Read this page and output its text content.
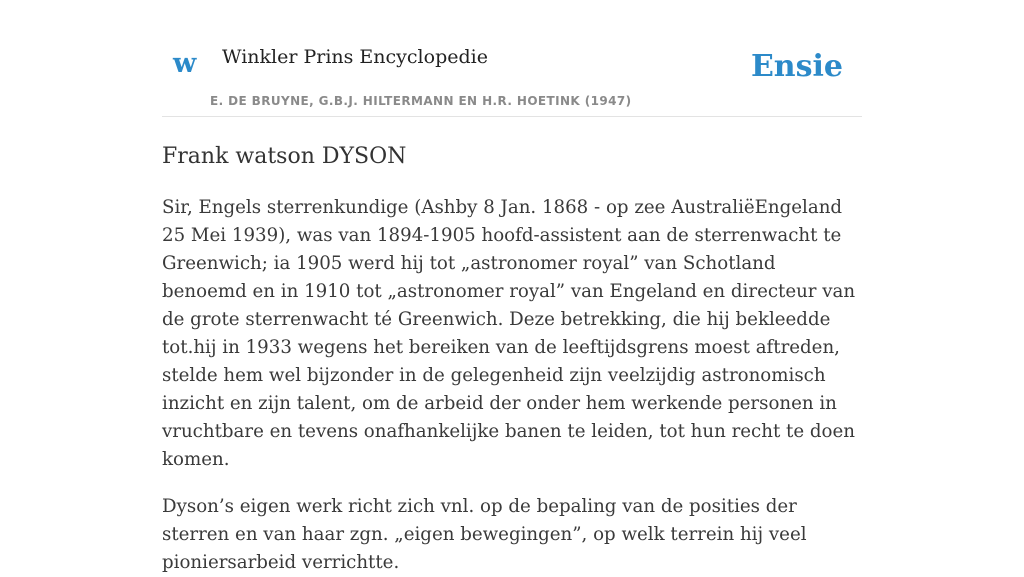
w Winkler Prins Encyclopedie
E. DE BRUYNE, G.B.J. HILTERMANN EN H.R. HOETINK (1947)
Ensie
Frank watson DYSON

Sir, Engels sterrenkundige (Ashby 8 Jan. 1868 - op zee AustraliëEngeland 25 Mei 1939), was van 1894-1905 hoofd-assistent aan de sterrenwacht te Greenwich; ia 1905 werd hij tot „astronomer royal” van Schotland benoemd en in 1910 tot „astronomer royal” van Engeland en directeur van de grote sterrenwacht té Greenwich. Deze betrekking, die hij bekleedde tot.hij in 1933 wegens het bereiken van de leeftijdsgrens moest aftreden, stelde hem wel bijzonder in de gelegenheid zijn veelzijdig astronomisch inzicht en zijn talent, om de arbeid der onder hem werkende personen in vruchtbare en tevens onafhankelijke banen te leiden, tot hun recht te doen komen.

Dyson’s eigen werk richt zich vnl. op de bepaling van de posities der sterren en van haar zgn. „eigen bewegingen”, op welk terrein hij veel pioniersarbeid verrichtte.
